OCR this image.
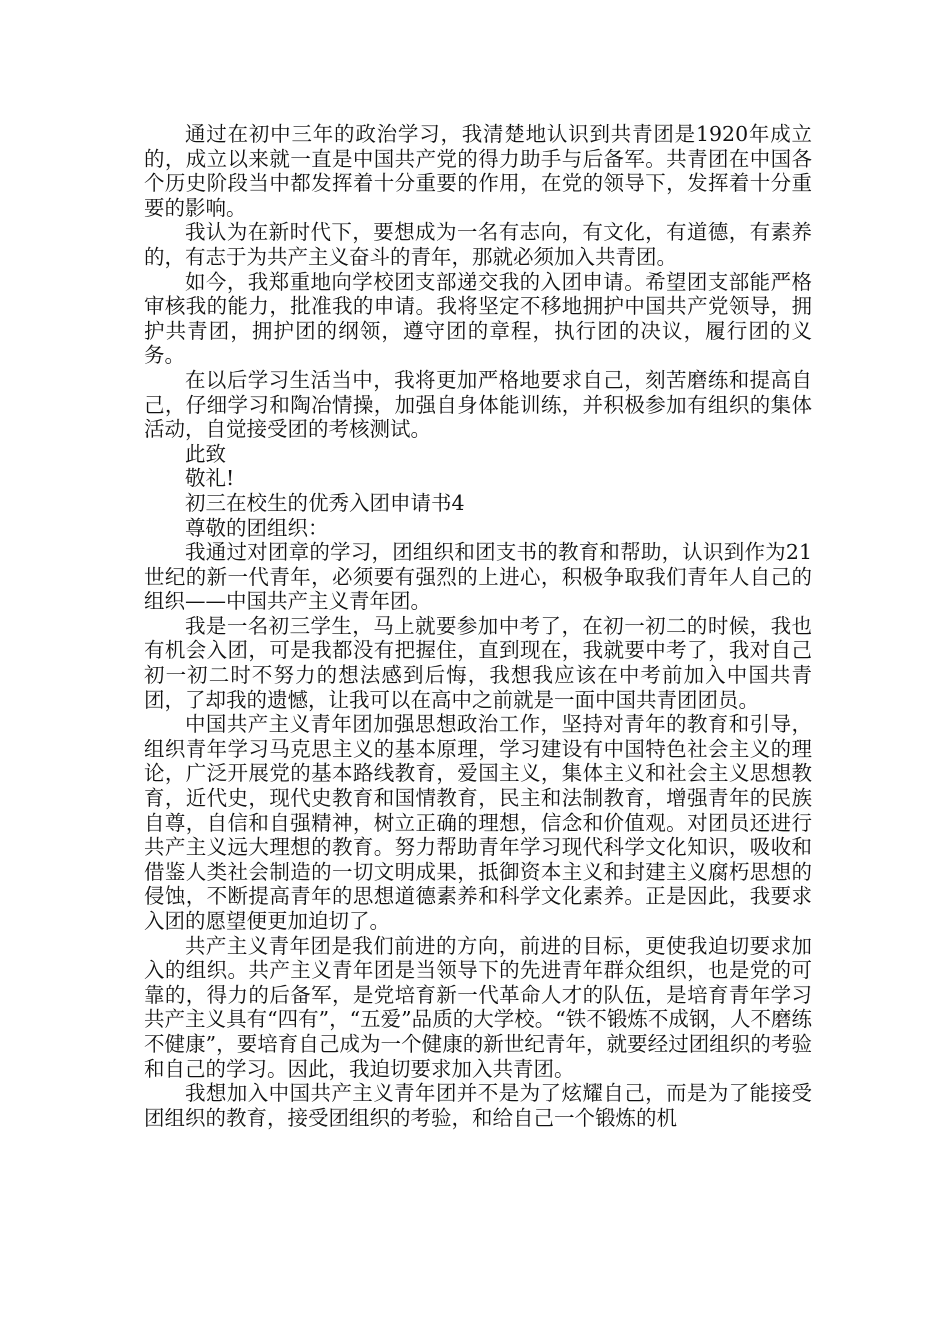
通过在初中三年的政治学习，我清楚地认识到共青团是1920年成立的，成立以来就一直是中国共产党的得力助手与后备军。共青团在中国各个历史阶段当中都发挥着十分重要的作用，在党的领导下，发挥着十分重要的影响。

我认为在新时代下，要想成为一名有志向，有文化，有道德，有素养的，有志于为共产主义奋斗的青年，那就必须加入共青团。

如今，我郑重地向学校团支部递交我的入团申请。希望团支部能严格审核我的能力，批准我的申请。我将坚定不移地拥护中国共产党领导，拥护共青团，拥护团的纲领，遵守团的章程，执行团的决议，履行团的义务。

在以后学习生活当中，我将更加严格地要求自己，刻苦磨练和提高自己，仔细学习和陶冶情操，加强自身体能训练，并积极参加有组织的集体活动，自觉接受团的考核测试。

此致

敬礼!

初三在校生的优秀入团申请书4

尊敬的团组织：

我通过对团章的学习，团组织和团支书的教育和帮助，认识到作为21世纪的新一代青年，必须要有强烈的上进心，积极争取我们青年人自己的组织——中国共产主义青年团。

我是一名初三学生，马上就要参加中考了，在初一初二的时候，我也有机会入团，可是我都没有把握住，直到现在，我就要中考了，我对自己初一初二时不努力的想法感到后悔，我想我应该在中考前加入中国共青团，了却我的遗憾，让我可以在高中之前就是一面中国共青团团员。

中国共产主义青年团加强思想政治工作，坚持对青年的教育和引导，组织青年学习马克思主义的基本原理，学习建设有中国特色社会主义的理论，广泛开展党的基本路线教育，爱国主义，集体主义和社会主义思想教育，近代史，现代史教育和国情教育，民主和法制教育，增强青年的民族自尊，自信和自强精神，树立正确的理想，信念和价值观。对团员还进行共产主义远大理想的教育。努力帮助青年学习现代科学文化知识，吸收和借鉴人类社会制造的一切文明成果，抵御资本主义和封建主义腐朽思想的侵蚀，不断提高青年的思想道德素养和科学文化素养。正是因此，我要求入团的愿望便更加迫切了。

共产主义青年团是我们前进的方向，前进的目标，更使我迫切要求加入的组织。共产主义青年团是当领导下的先进青年群众组织，也是党的可靠的，得力的后备军，是党培育新一代革命人才的队伍，是培育青年学习共产主义具有“四有”，“五爱”品质的大学校。“铁不锻炼不成钢，人不磨练不健康”，要培育自己成为一个健康的新世纪青年，就要经过团组织的考验和自己的学习。因此，我迫切要求加入共青团。

我想加入中国共产主义青年团并不是为了炫耀自己，而是为了能接受团组织的教育，接受团组织的考验，和给自己一个锻炼的机
